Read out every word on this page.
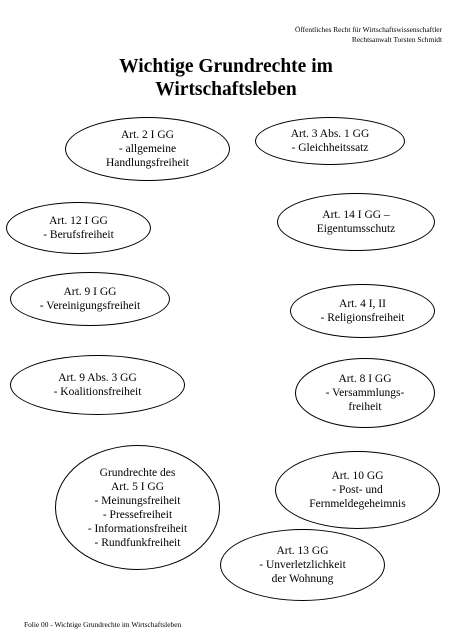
Öffentliches Recht für Wirtschaftswissenschaftler
Rechtsanwalt Torsten Schmidt
Wichtige Grundrechte im
Wirtschaftsleben
Art. 2 I GG
- allgemeine
Handlungsfreiheit
Art. 3 Abs. 1 GG
- Gleichheitssatz
Art. 12 I GG
- Berufsfreiheit
Art. 14 I GG –
Eigentumsschutz
Art. 9 I GG
- Vereinigungsfreiheit	Art. 4 I, II
- Religionsfreiheit
Art. 9 Abs. 3 GG
- Koalitionsfreiheit
Art. 8 I GG
- Versammlungs-
freiheit
Grundrechte des
Art. 5 I GG
- Meinungsfreiheit
- Pressefreiheit
- Informationsfreiheit
- Rundfunkfreiheit
Art. 10 GG
- Post- und
Fernmeldegeheimnis
Art. 13 GG
- Unverletzlichkeit
der Wohnung
Folie 00 - Wichtige Grundrechte im Wirtschaftsleben
